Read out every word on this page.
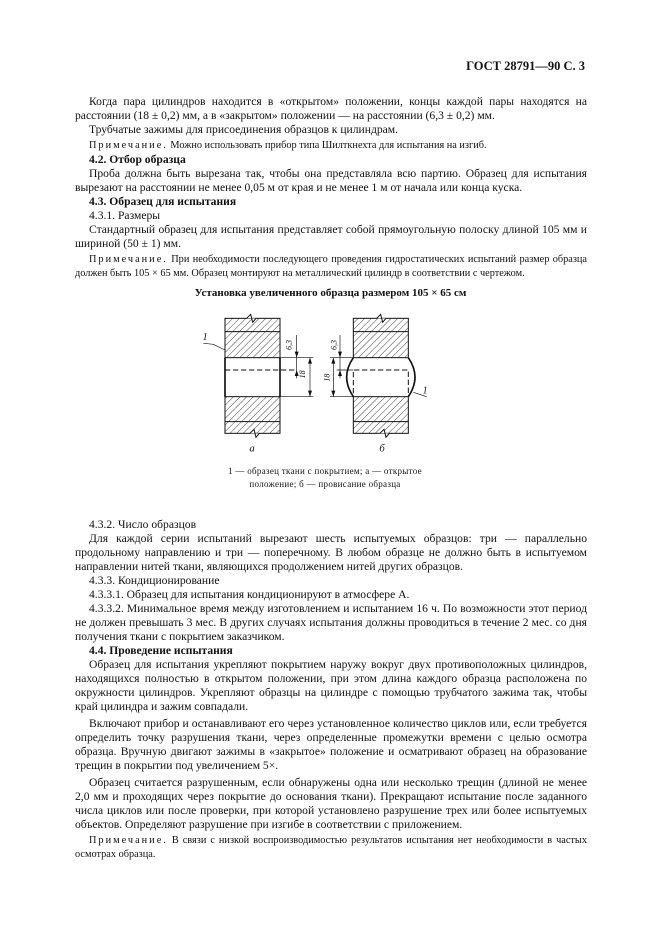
ГОСТ 28791—90 С. 3

Когда пара цилиндров находится в «открытом» положении, концы каждой пары находятся на расстоянии (18 ± 0,2) мм, а в «закрытом» положении — на расстоянии (6,3 ± 0,2) мм.

Трубчатые зажимы для присоединения образцов к цилиндрам.

Примечание. Можно использовать прибор типа Шилткнехта для испытания на изгиб.

4.2. Отбор образца

Проба должна быть вырезана так, чтобы она представляла всю партию. Образец для испытания вырезают на расстоянии не менее 0,05 м от края и не менее 1 м от начала или конца куска.

4.3. Образец для испытания

4.3.1. Размеры

Стандартный образец для испытания представляет собой прямоугольную полоску длиной 105 мм и шириной (50 ± 1) мм.

Примечание. При необходимости последующего проведения гидростатических испытаний размер образца должен быть 105 × 65 мм. Образец монтируют на металлический цилиндр в соответствии с чертежом.

Установка увеличенного образца размером 105 × 65 см
1
1
18
6,3
18
6,3
а	б
1 — образец ткани с покрытием; а — открытое положение; б — провисание образца

4.3.2. Число образцов

Для каждой серии испытаний вырезают шесть испытуемых образцов: три — параллельно продольному направлению и три — поперечному. В любом образце не должно быть в испытуемом направлении нитей ткани, являющихся продолжением нитей других образцов.

4.3.3. Кондиционирование

4.3.3.1. Образец для испытания кондиционируют в атмосфере А.

4.3.3.2. Минимальное время между изготовлением и испытанием 16 ч. По возможности этот период не должен превышать 3 мес. В других случаях испытания должны проводиться в течение 2 мес. со дня получения ткани с покрытием заказчиком.

4.4. Проведение испытания

Образец для испытания укрепляют покрытием наружу вокруг двух противоположных цилиндров, находящихся полностью в открытом положении, при этом длина каждого образца расположена по окружности цилиндров. Укрепляют образцы на цилиндре с помощью трубчатого зажима так, чтобы край цилиндра и зажим совпадали.

Включают прибор и останавливают его через установленное количество циклов или, если требуется определить точку разрушения ткани, через определенные промежутки времени с целью осмотра образца. Вручную двигают зажимы в «закрытое» положение и осматривают образец на образование трещин в покрытии под увеличением 5×.

Образец считается разрушенным, если обнаружены одна или несколько трещин (длиной не менее 2,0 мм и проходящих через покрытие до основания ткани). Прекращают испытание после заданного числа циклов или после проверки, при которой установлено разрушение трех или более испытуемых объектов. Определяют разрушение при изгибе в соответствии с приложением.

Примечание. В связи с низкой воспроизводимостью результатов испытания нет необходимости в частых осмотрах образца.
